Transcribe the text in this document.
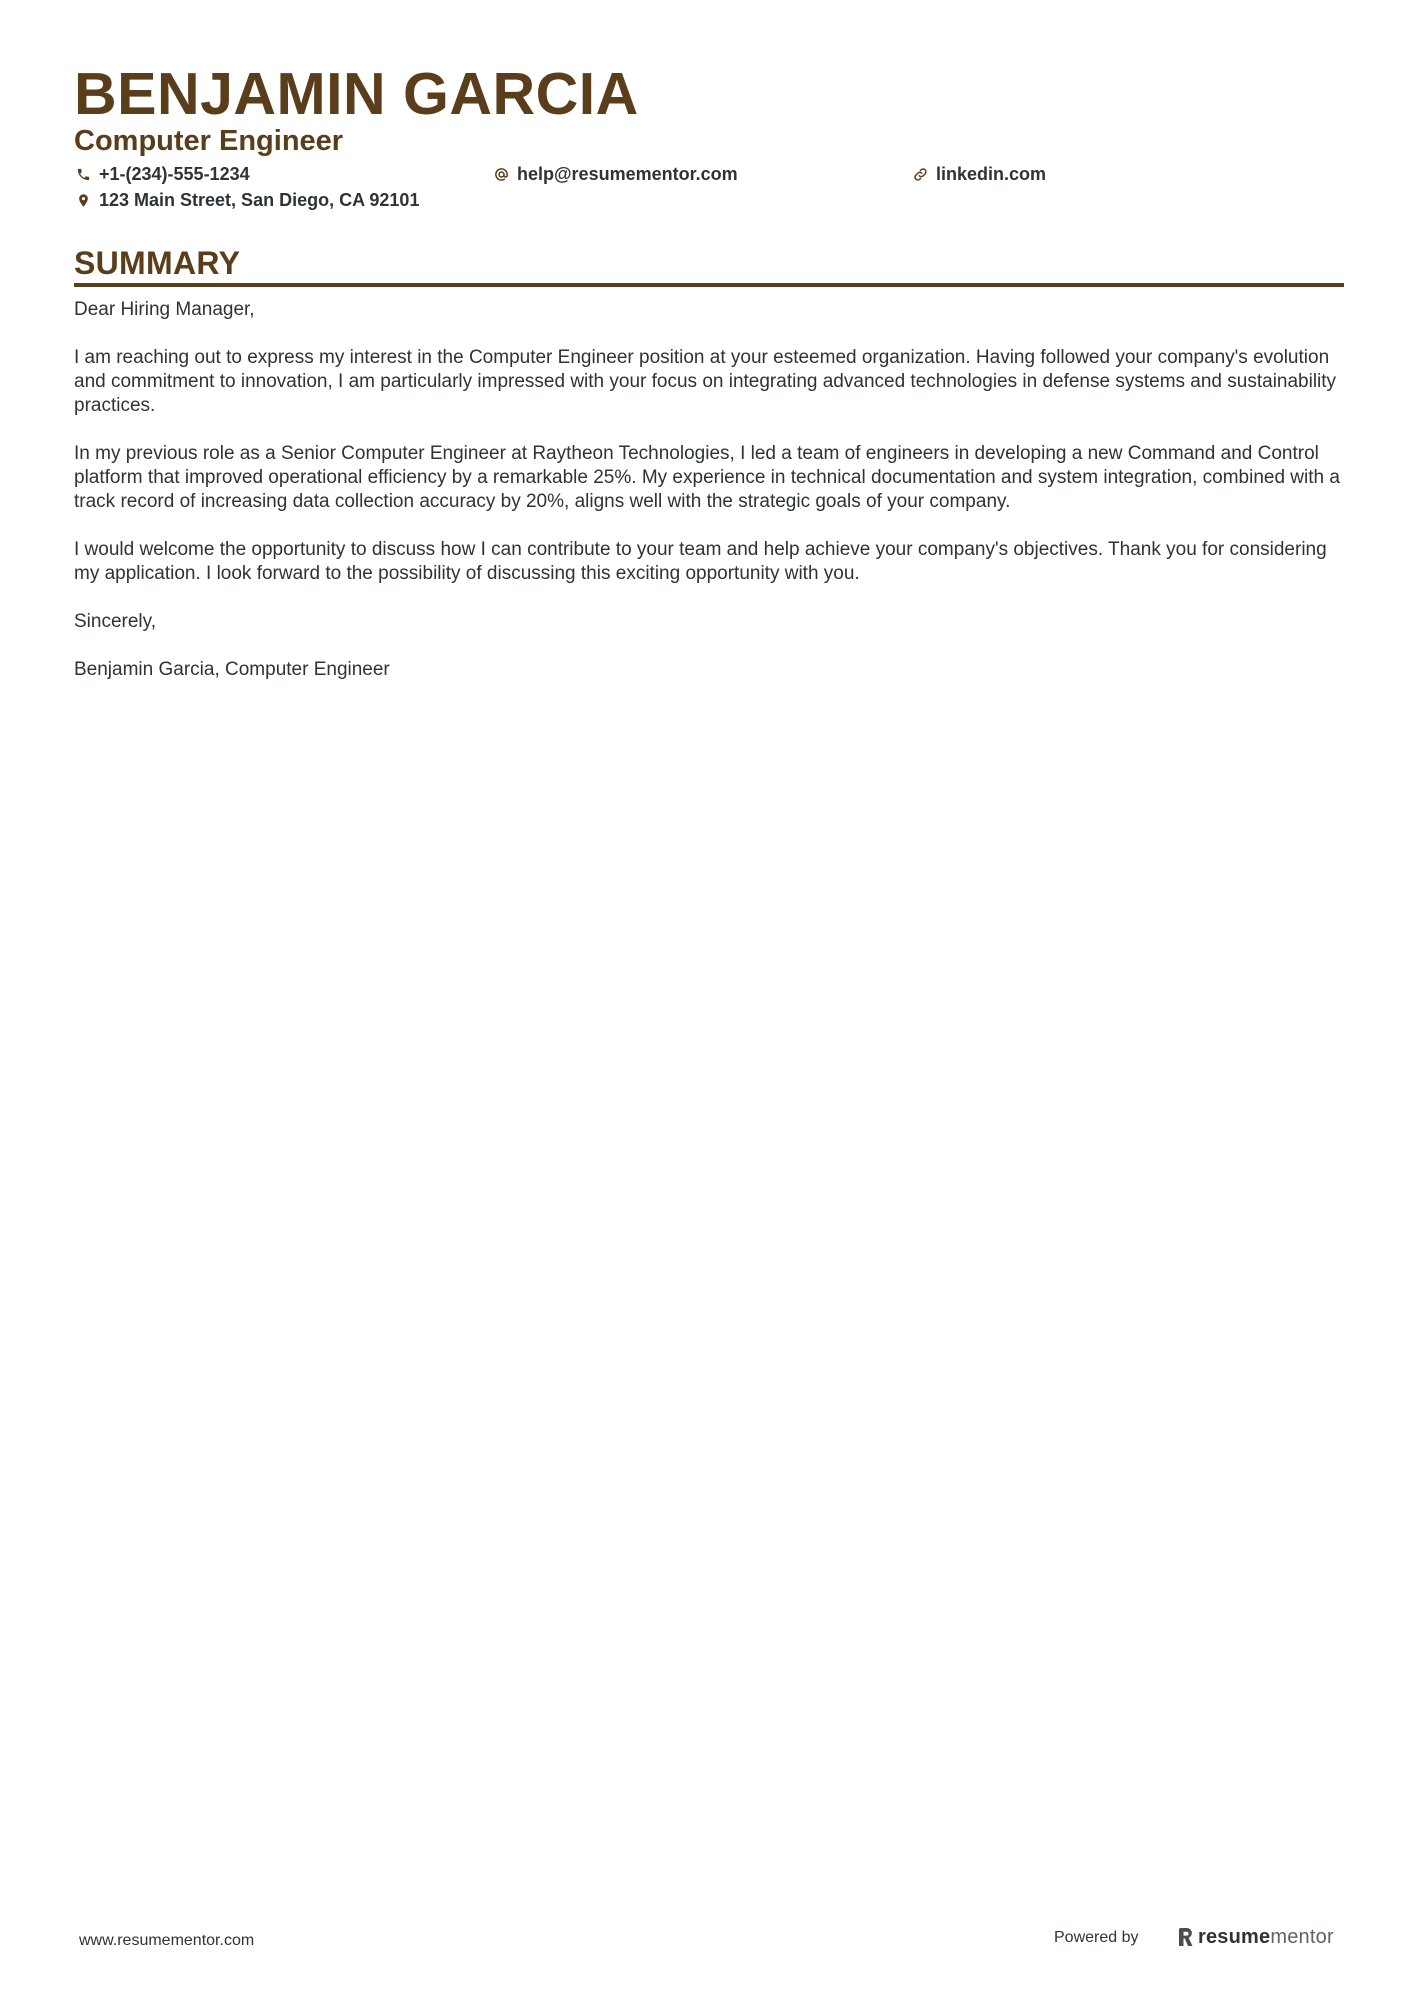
BENJAMIN GARCIA
Computer Engineer
+1-(234)-555-1234	help@resumementor.com	linkedin.com
123 Main Street, San Diego, CA 92101
SUMMARY

Dear Hiring Manager,

I am reaching out to express my interest in the Computer Engineer position at your esteemed organization. Having followed your company's evolution and commitment to innovation, I am particularly impressed with your focus on integrating advanced technologies in defense systems and sustainability practices.

In my previous role as a Senior Computer Engineer at Raytheon Technologies, I led a team of engineers in developing a new Command and Control platform that improved operational efficiency by a remarkable 25%. My experience in technical documentation and system integration, combined with a track record of increasing data collection accuracy by 20%, aligns well with the strategic goals of your company.

I would welcome the opportunity to discuss how I can contribute to your team and help achieve your company's objectives. Thank you for considering my application. I look forward to the possibility of discussing this exciting opportunity with you.

Sincerely,

Benjamin Garcia, Computer Engineer

www.resumementor.com	Powered by	resume mentor
